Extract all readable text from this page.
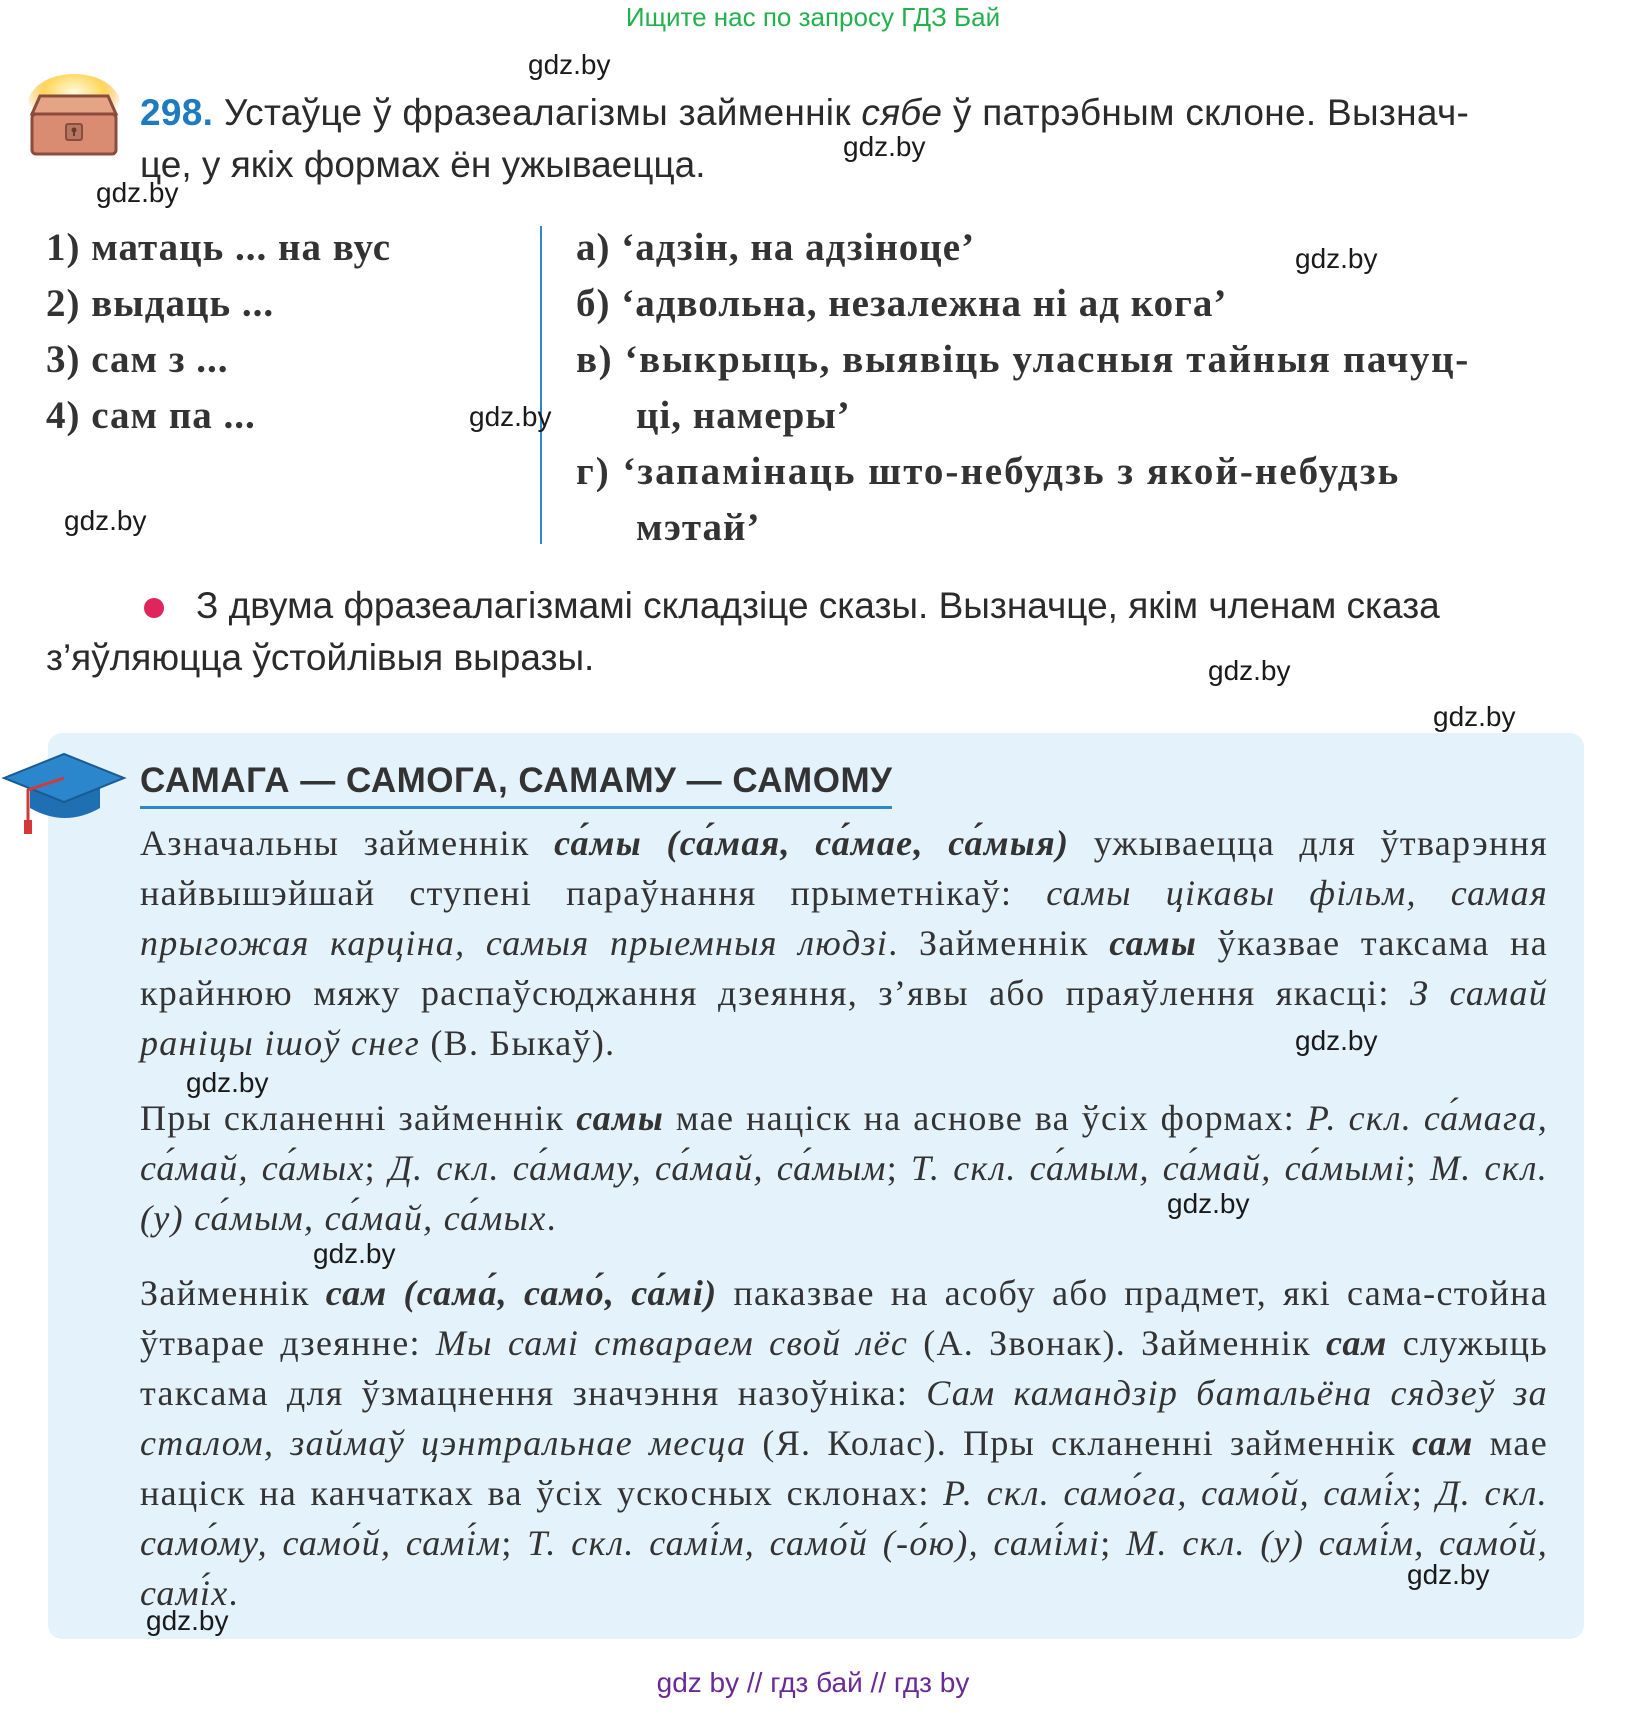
Ищите нас по запросу ГДЗ Бай
gdz.by
298. Устаўце ў фразеалагізмы займеннік сябе ў патрэбным склоне. Вызнач-
це, у якіх формах ён ужываецца.	gdz.by
gdz.by
1) матаць ... на вус
2) выдаць ...
3) сам з ...
4) сам па ...
а) ‘адзін, на адзіноце’
б) ‘адвольна, незалежна ні ад кога’
в) ‘выкрыць, выявіць уласныя тайныя пачуц-
ці, намеры’
г) ‘запамінаць што-небудзь з якой-небудзь
мэтай’
gdz.by
gdz.by
gdz.by
З двума фразеалагізмамі складзіце сказы. Вызначце, якім членам сказа
з’яўляюцца ўстойлівыя выразы.	gdz.by
gdz.by
САМАГА — САМОГА, САМАМУ — САМОМУ
Азначальны займеннік са́мы (са́мая, са́мае, са́мыя) ужываецца для ўтварэння найвышэйшай ступені параўнання прыметнікаў: самы цікавы фільм, самая прыгожая карціна, самыя прыемныя людзі. Займеннік самы ўказвае таксама на крайнюю мяжу распаўсюджання дзеяння, з’явы або праяўлення якасці: З самай раніцы ішоў снег (В. Быкаў).
Пры скланенні займеннік самы мае націск на аснове ва ўсіх формах: Р. скл. са́мага, са́май, са́мых; Д. скл. са́маму, са́май, са́мым; Т. скл. са́мым, са́май, са́мымі; М. скл. (у) са́мым, са́май, са́мых.
Займеннік сам (сама́, само́, са́мі) паказвае на асобу або прадмет, які сама-стойна ўтварае дзеянне: Мы самі ствараем свой лёс (А. Звонак). Займеннік сам служыць таксама для ўзмацнення значэння назоўніка: Сам камандзір батальёна сядзеў за сталом, займаў цэнтральнае месца (Я. Колас). Пры скланенні займеннік сам мае націск на канчатках ва ўсіх ускосных склонах: Р. скл. само́га, само́й, самі́х; Д. скл. само́му, само́й, самі́м; Т. скл. самі́м, само́й (-о́ю), самі́мі; М. скл. (у) самі́м, само́й, самі́х.
gdz.by
gdz.by
gdz.by
gdz.by
gdz.by
gdz.by
gdz by // гдз бай // гдз by
